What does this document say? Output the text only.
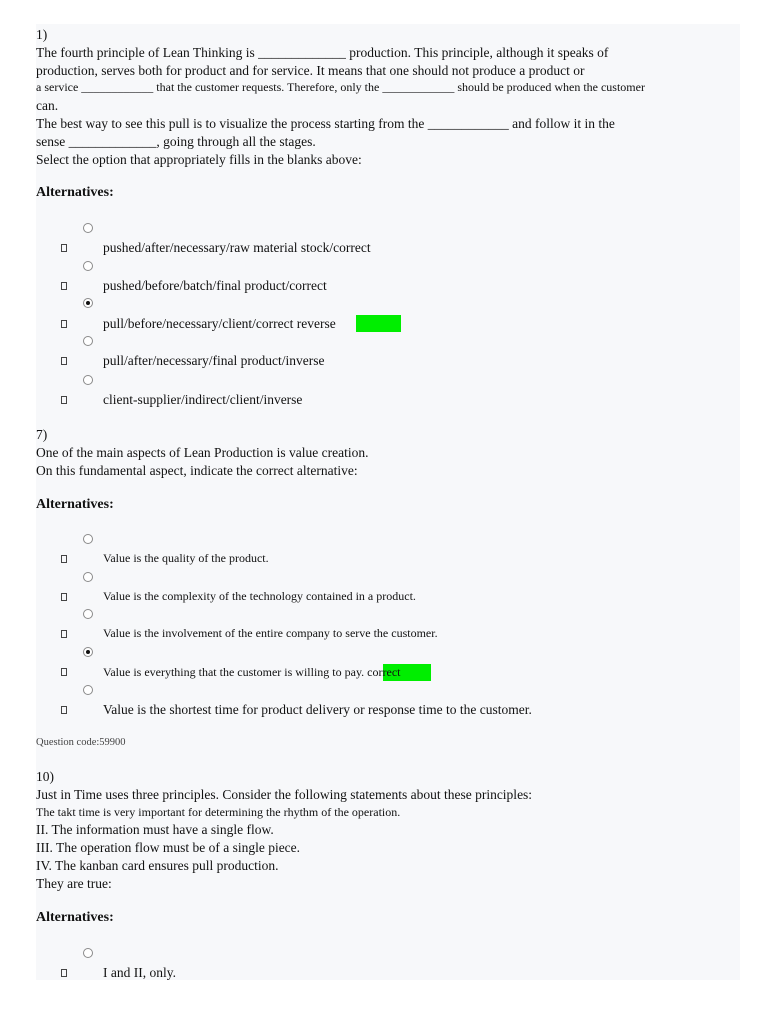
1)

The fourth principle of Lean Thinking is _____________ production. This principle, although it speaks of

production, serves both for product and for service. It means that one should not produce a product or

a service ____________ that the customer requests. Therefore, only the ____________ should be produced when the customer

can.

The best way to see this pull is to visualize the process starting from the ____________ and follow it in the

sense _____________, going through all the stages.

Select the option that appropriately fills in the blanks above:

Alternatives:
pushed/after/necessary/raw material stock/correct
pushed/before/batch/final product/correct
pull/before/necessary/client/correct reverse
pull/after/necessary/final product/inverse
client-supplier/indirect/client/inverse

7)

One of the main aspects of Lean Production is value creation.

On this fundamental aspect, indicate the correct alternative:

Alternatives:
Value is the quality of the product.
Value is the complexity of the technology contained in a product.
Value is the involvement of the entire company to serve the customer.
Value is everything that the customer is willing to pay. correct
Value is the shortest time for product delivery or response time to the customer.
Question code:59900

10)

Just in Time uses three principles. Consider the following statements about these principles:

The takt time is very important for determining the rhythm of the operation.

II. The information must have a single flow.

III. The operation flow must be of a single piece.

IV. The kanban card ensures pull production.

They are true:

Alternatives:
I and II, only.
